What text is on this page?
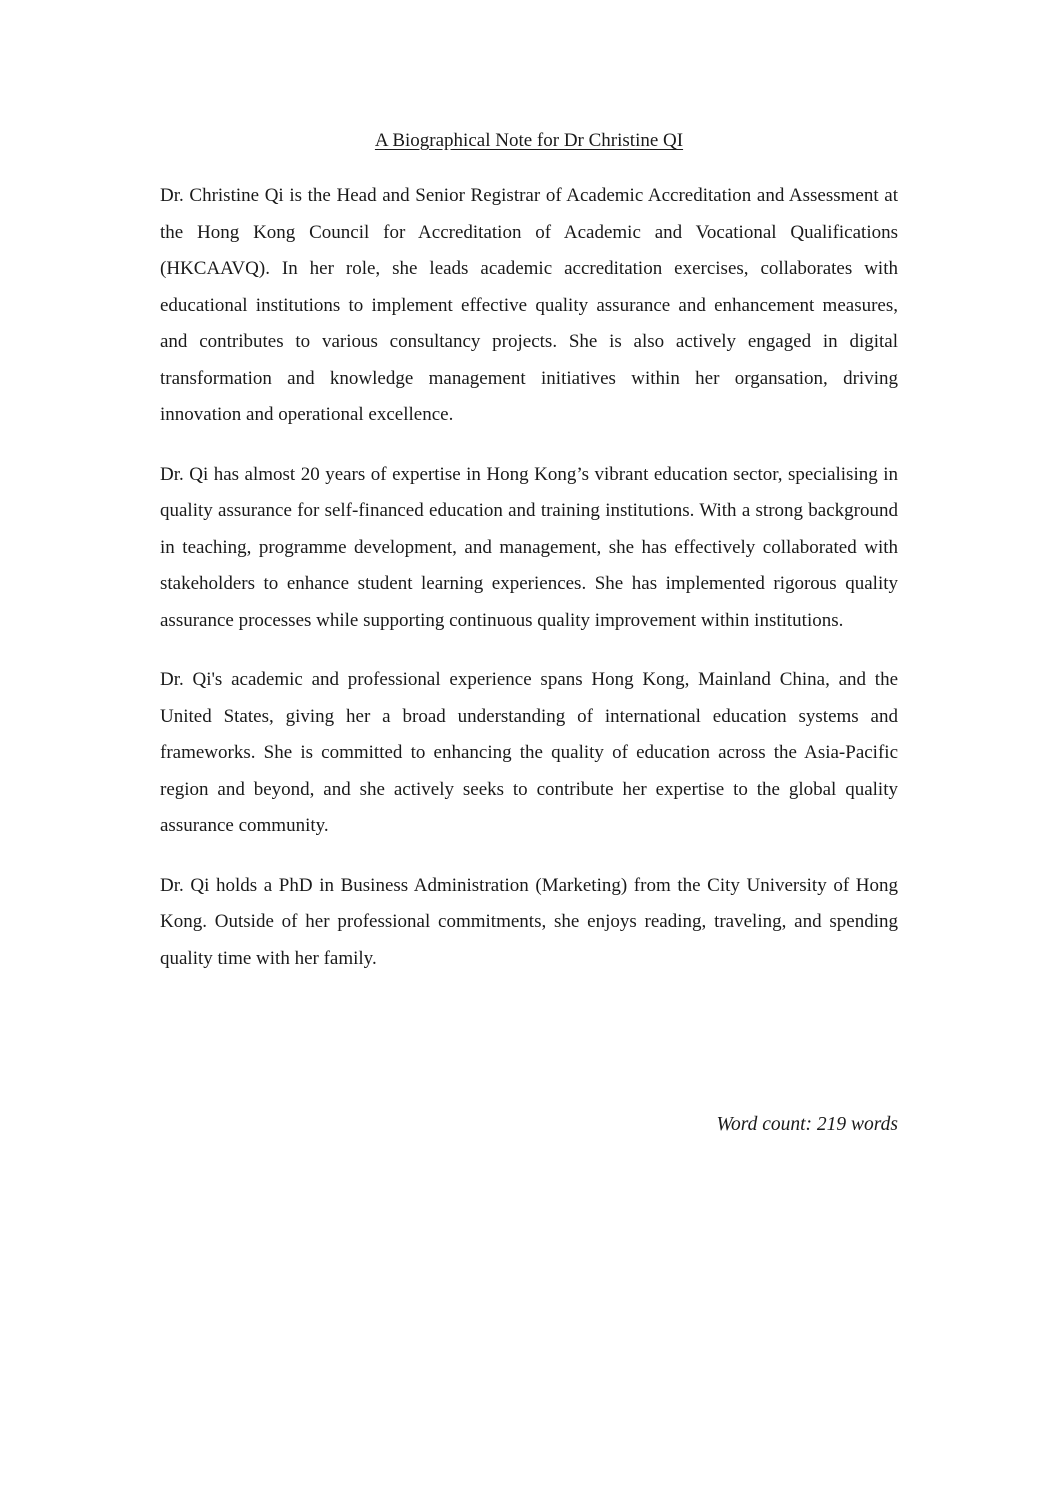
A Biographical Note for Dr Christine QI

Dr. Christine Qi is the Head and Senior Registrar of Academic Accreditation and Assessment at the Hong Kong Council for Accreditation of Academic and Vocational Qualifications (HKCAAVQ). In her role, she leads academic accreditation exercises, collaborates with educational institutions to implement effective quality assurance and enhancement measures, and contributes to various consultancy projects. She is also actively engaged in digital transformation and knowledge management initiatives within her organsation, driving innovation and operational excellence.

Dr. Qi has almost 20 years of expertise in Hong Kong’s vibrant education sector, specialising in quality assurance for self-financed education and training institutions. With a strong background in teaching, programme development, and management, she has effectively collaborated with stakeholders to enhance student learning experiences. She has implemented rigorous quality assurance processes while supporting continuous quality improvement within institutions.

Dr. Qi's academic and professional experience spans Hong Kong, Mainland China, and the United States, giving her a broad understanding of international education systems and frameworks. She is committed to enhancing the quality of education across the Asia-Pacific region and beyond, and she actively seeks to contribute her expertise to the global quality assurance community.

Dr. Qi holds a PhD in Business Administration (Marketing) from the City University of Hong Kong. Outside of her professional commitments, she enjoys reading, traveling, and spending quality time with her family.

Word count: 219 words
